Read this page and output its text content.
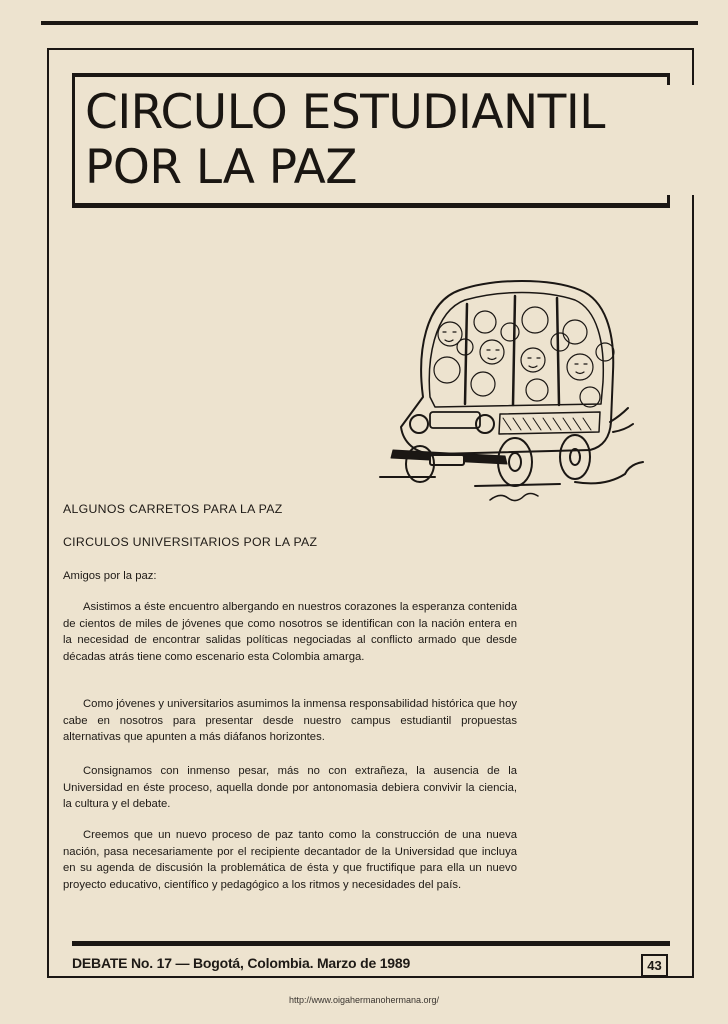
CIRCULO ESTUDIANTIL
POR LA PAZ
ALGUNOS CARRETOS PARA LA PAZ
CIRCULOS UNIVERSITARIOS POR LA PAZ

Amigos por la paz:

Asistimos a éste encuentro albergando en nuestros corazones la esperanza contenida de cientos de miles de jóvenes que como nosotros se identifican con la nación entera en la necesidad de encontrar salidas políticas negociadas al conflicto armado que desde décadas atrás tiene como escenario esta Colombia amarga.

Como jóvenes y universitarios asumimos la inmensa responsabilidad histórica que hoy cabe en nosotros para presentar desde nuestro campus estudiantil propuestas alternativas que apunten a más diáfanos horizontes.

Consignamos con inmenso pesar, más no con extrañeza, la ausencia de la Universidad en éste proceso, aquella donde por antonomasia debiera convivir la ciencia, la cultura y el debate.

Creemos que un nuevo proceso de paz tanto como la construcción de una nueva nación, pasa necesariamente por el recipiente decantador de la Universidad que incluya en su agenda de discusión la problemática de ésta y que fructifique para ella un nuevo proyecto educativo, científico y pedagógico a los ritmos y necesidades del país.

DEBATE No. 17 — Bogotá, Colombia. Marzo de 1989	43
http://www.oigahermanohermana.org/
